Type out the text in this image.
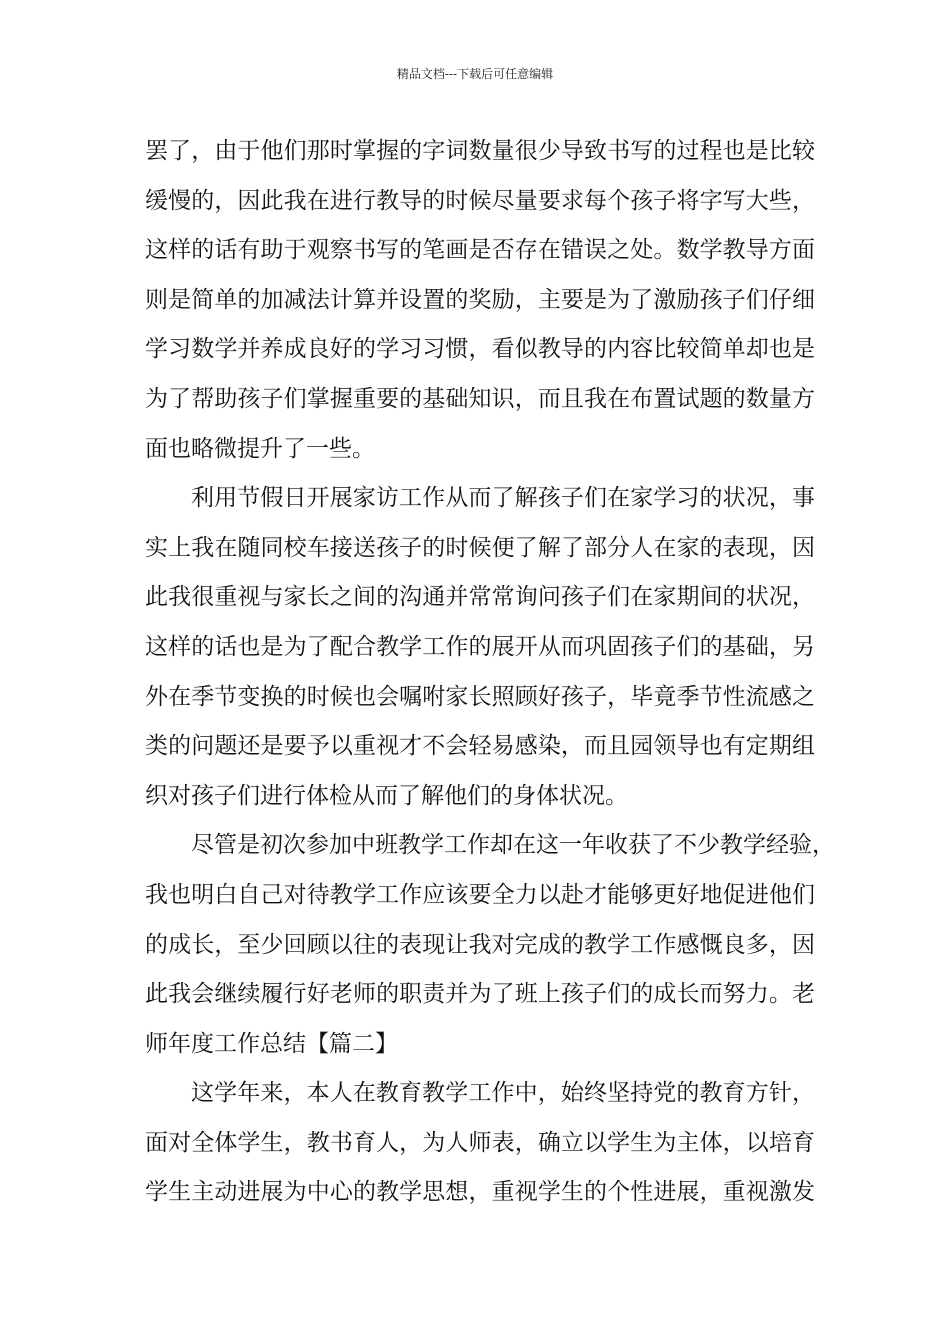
精品文档---下载后可任意编辑
罢了，由于他们那时掌握的字词数量很少导致书写的过程也是比较
缓慢的，因此我在进行教导的时候尽量要求每个孩子将字写大些，
这样的话有助于观察书写的笔画是否存在错误之处。数学教导方面
则是简单的加减法计算并设置的奖励，主要是为了激励孩子们仔细
学习数学并养成良好的学习习惯，看似教导的内容比较简单却也是
为了帮助孩子们掌握重要的基础知识，而且我在布置试题的数量方
面也略微提升了一些。
利用节假日开展家访工作从而了解孩子们在家学习的状况，事
实上我在随同校车接送孩子的时候便了解了部分人在家的表现，因
此我很重视与家长之间的沟通并常常询问孩子们在家期间的状况，
这样的话也是为了配合教学工作的展开从而巩固孩子们的基础，另
外在季节变换的时候也会嘱咐家长照顾好孩子，毕竟季节性流感之
类的问题还是要予以重视才不会轻易感染，而且园领导也有定期组
织对孩子们进行体检从而了解他们的身体状况。
尽管是初次参加中班教学工作却在这一年收获了不少教学经验，
我也明白自己对待教学工作应该要全力以赴才能够更好地促进他们
的成长，至少回顾以往的表现让我对完成的教学工作感慨良多，因
此我会继续履行好老师的职责并为了班上孩子们的成长而努力。老
师年度工作总结【篇二】
这学年来，本人在教育教学工作中，始终坚持党的教育方针，
面对全体学生，教书育人，为人师表，确立以学生为主体，以培育
学生主动进展为中心的教学思想，重视学生的个性进展，重视激发
